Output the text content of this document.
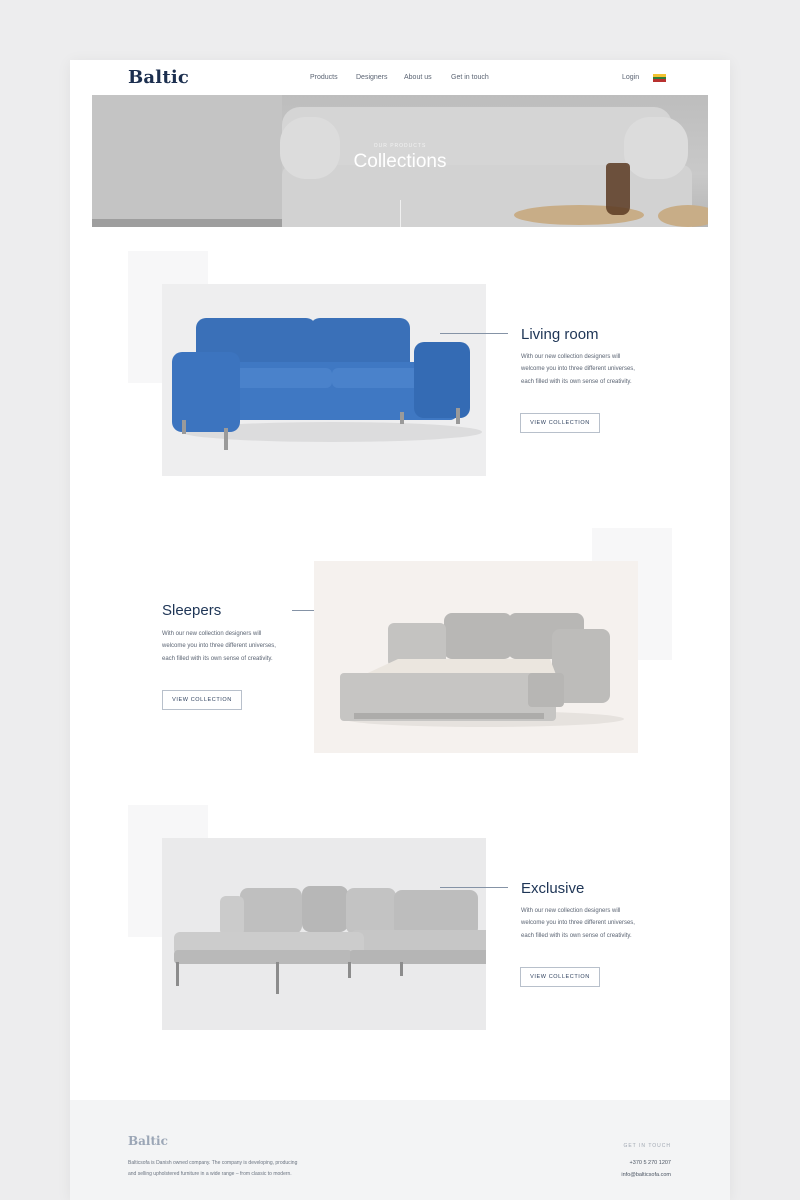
Baltic	Products	Designers About us	Get in touch	Login
OUR PRODUCTS
Collections
Living room
With our new collection designers will welcome you into three different universes, each filled with its own sense of creativity.
VIEW COLLECTION
Sleepers
With our new collection designers will welcome you into three different universes, each filled with its own sense of creativity.
VIEW COLLECTION
Exclusive
With our new collection designers will welcome you into three different universes, each filled with its own sense of creativity.
VIEW COLLECTION
Baltic
Balticsofa is Danish owned company. The company is developing, producing and selling upholstered furniture in a wide range – from classic to modern.
GET IN TOUCH
+370 5 270 1207
info@balticsofa.com
